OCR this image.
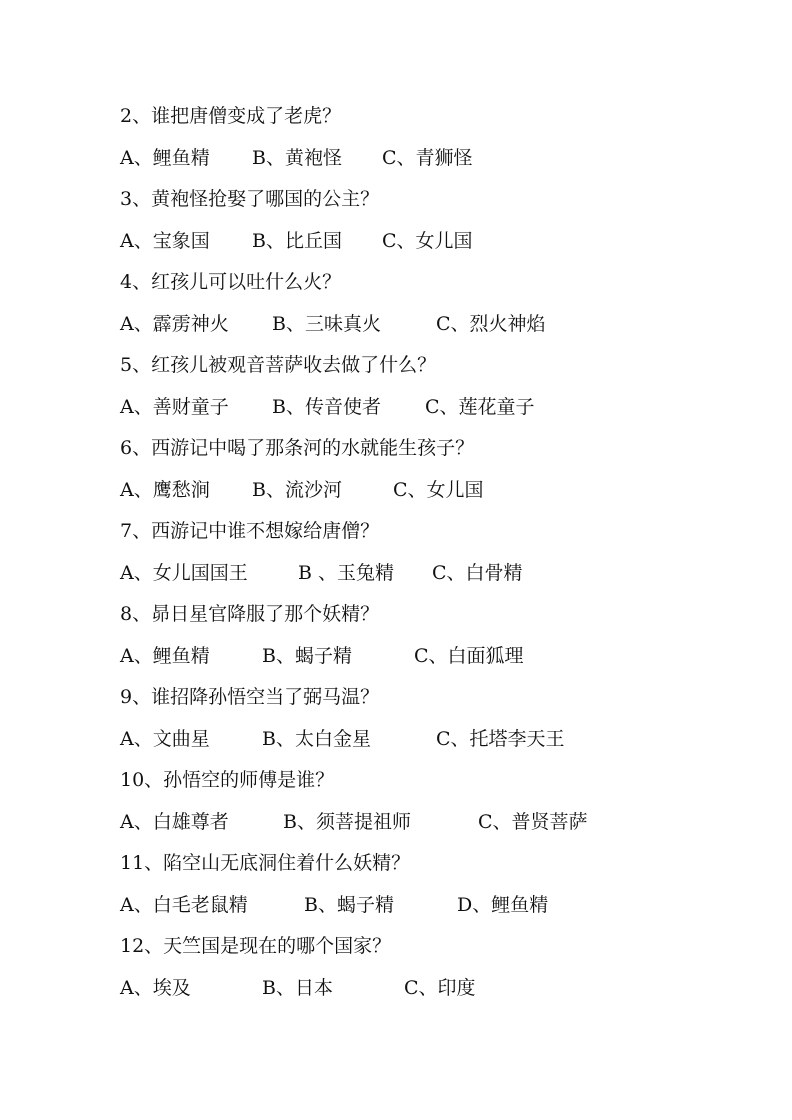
2、谁把唐僧变成了老虎？
A、鲤鱼精 B、黄袍怪 C、青狮怪
3、黄袍怪抢娶了哪国的公主？
A、宝象国 B、比丘国 C、女儿国
4、红孩儿可以吐什么火？
A、霹雳神火 B、三味真火	C、烈火神焰
5、红孩儿被观音菩萨收去做了什么？
A、善财童子 B、传音使者 C、莲花童子
6、西游记中喝了那条河的水就能生孩子？
A、鹰愁涧 B、流沙河	C、女儿国
7、西游记中谁不想嫁给唐僧？
A、女儿国国王	B 、玉兔精 C、白骨精
8、昴日星官降服了那个妖精？
A、鲤鱼精	B、蝎子精	C、白面狐理
9、谁招降孙悟空当了弼马温？
A、文曲星	B、太白金星	C、托塔李天王
10、孙悟空的师傅是谁？
A、白雄尊者	B、须菩提祖师	C、普贤菩萨
11、陷空山无底洞住着什么妖精？
A、白毛老鼠精	B、蝎子精	D、鲤鱼精
12、天竺国是现在的哪个国家？
A、埃及	B、日本	C、印度
